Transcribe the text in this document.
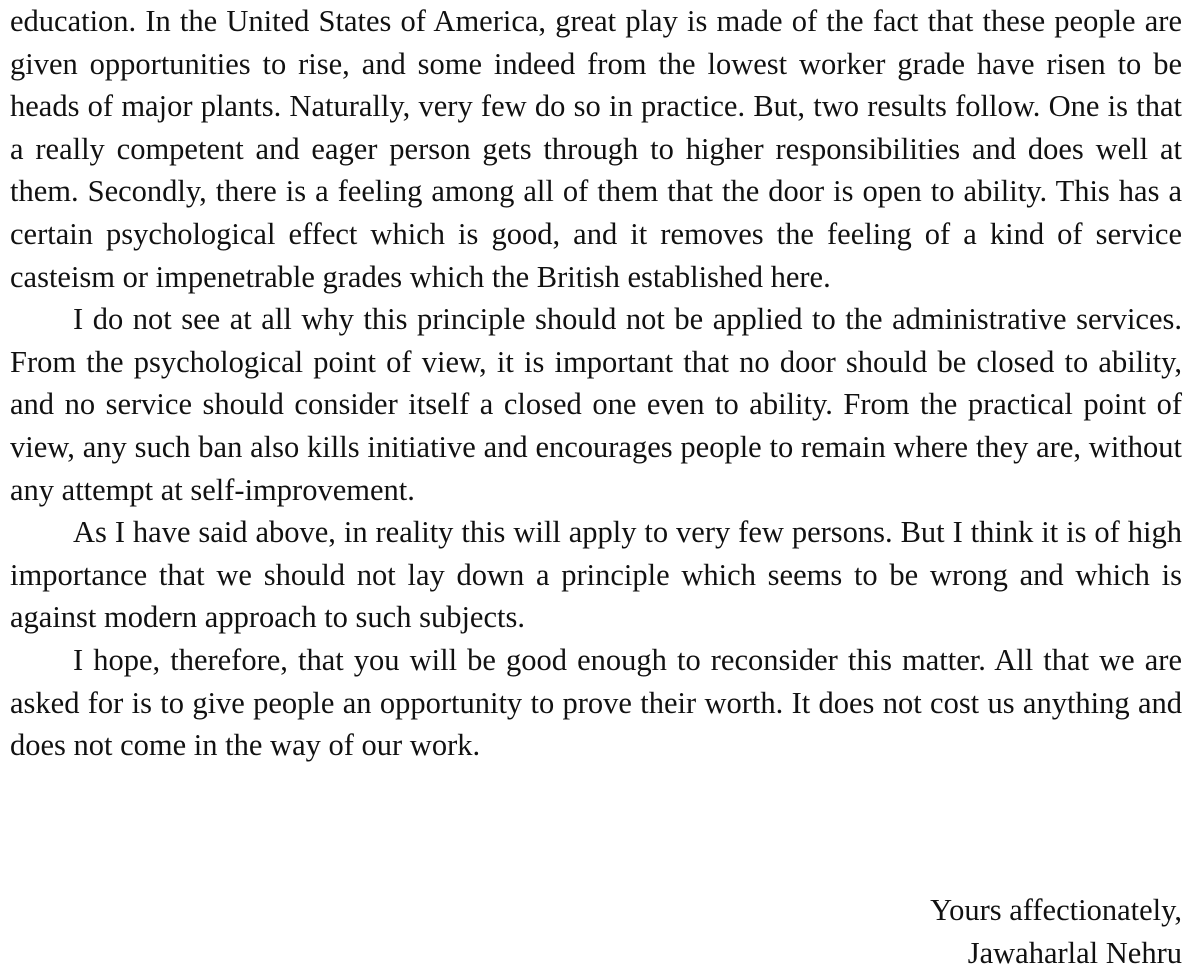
education. In the United States of America, great play is made of the fact that these people are given opportunities to rise, and some indeed from the lowest worker grade have risen to be heads of major plants. Naturally, very few do so in practice. But, two results follow. One is that a really competent and eager person gets through to higher responsibilities and does well at them. Secondly, there is a feeling among all of them that the door is open to ability. This has a certain psychological effect which is good, and it removes the feeling of a kind of service casteism or impenetrable grades which the British established here.

I do not see at all why this principle should not be applied to the administrative services. From the psychological point of view, it is important that no door should be closed to ability, and no service should consider itself a closed one even to ability. From the practical point of view, any such ban also kills initiative and encourages people to remain where they are, without any attempt at self-improvement.

As I have said above, in reality this will apply to very few persons. But I think it is of high importance that we should not lay down a principle which seems to be wrong and which is against modern approach to such subjects.

I hope, therefore, that you will be good enough to reconsider this matter. All that we are asked for is to give people an opportunity to prove their worth. It does not cost us anything and does not come in the way of our work.

Yours affectionately,
Jawaharlal Nehru
